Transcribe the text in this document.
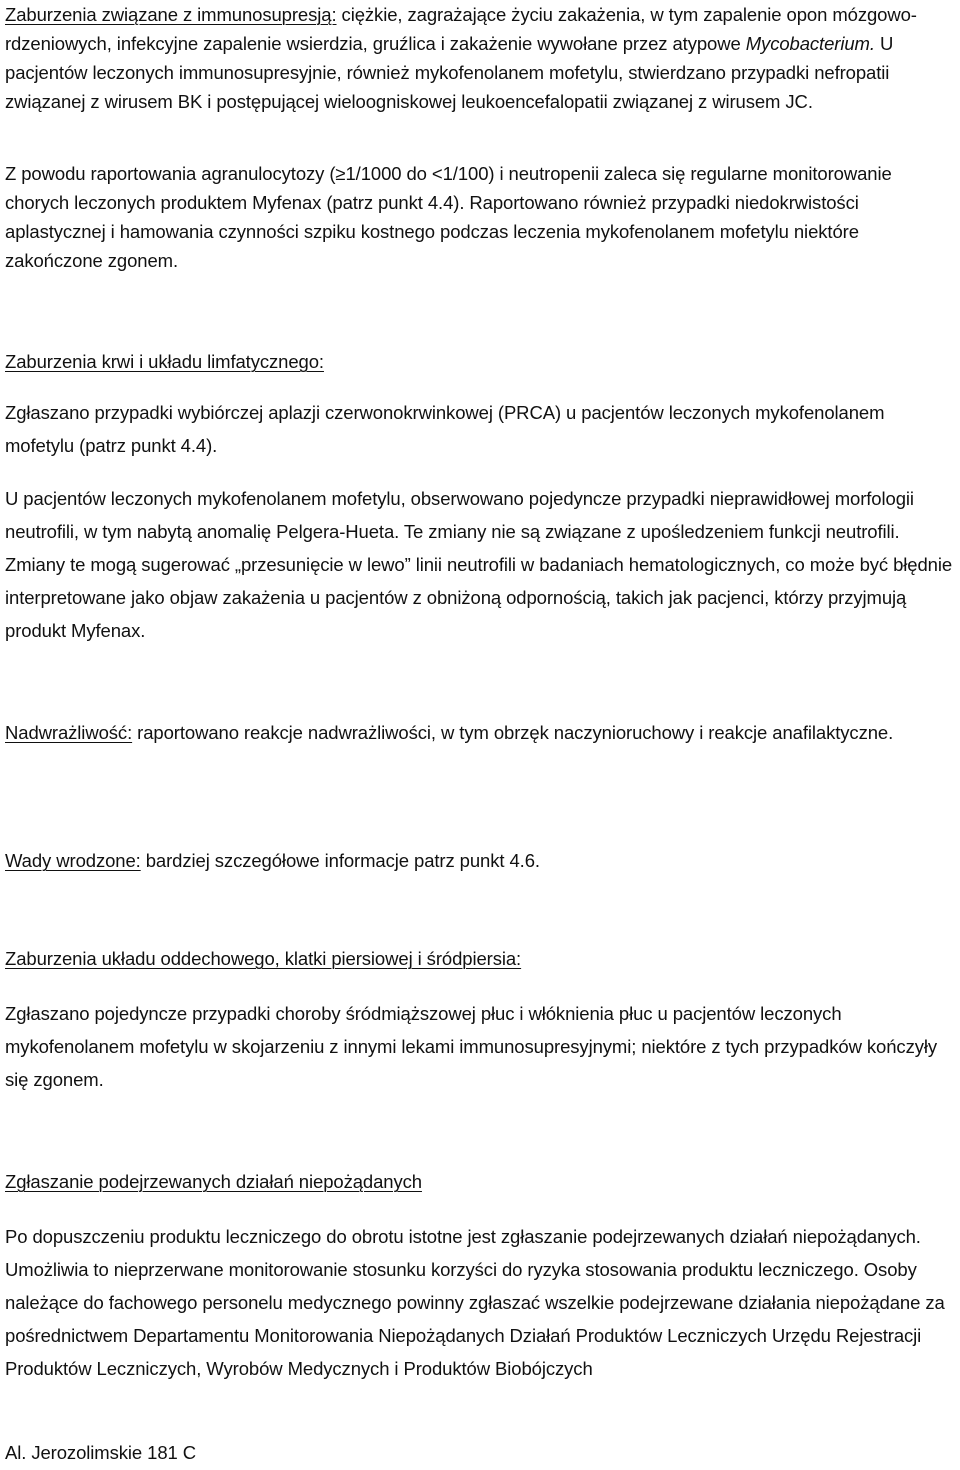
Zaburzenia związane z immunosupresją: ciężkie, zagrażające życiu zakażenia, w tym zapalenie opon mózgowo-rdzeniowych, infekcyjne zapalenie wsierdzia, gruźlica i zakażenie wywołane przez atypowe Mycobacterium. U pacjentów leczonych immunosupresyjnie, również mykofenolanem mofetylu, stwierdzano przypadki nefropatii związanej z wirusem BK i postępującej wieloogniskowej leukoencefalopatii związanej z wirusem JC.

Z powodu raportowania agranulocytozy (≥1/1000 do <1/100) i neutropenii zaleca się regularne monitorowanie chorych leczonych produktem Myfenax (patrz punkt 4.4). Raportowano również przypadki niedokrwistości aplastycznej i hamowania czynności szpiku kostnego podczas leczenia mykofenolanem mofetylu niektóre zakończone zgonem.

Zaburzenia krwi i układu limfatycznego:

Zgłaszano przypadki wybiórczej aplazji czerwonokrwinkowej (PRCA) u pacjentów leczonych mykofenolanem mofetylu (patrz punkt 4.4).

U pacjentów leczonych mykofenolanem mofetylu, obserwowano pojedyncze przypadki nieprawidłowej morfologii neutrofili, w tym nabytą anomalię Pelgera-Hueta. Te zmiany nie są związane z upośledzeniem funkcji neutrofili. Zmiany te mogą sugerować „przesunięcie w lewo” linii neutrofili w badaniach hematologicznych, co może być błędnie interpretowane jako objaw zakażenia u pacjentów z obniżoną odpornością, takich jak pacjenci, którzy przyjmują produkt Myfenax.

Nadwrażliwość: raportowano reakcje nadwrażliwości, w tym obrzęk naczynioruchowy i reakcje anafilaktyczne.

Wady wrodzone: bardziej szczegółowe informacje patrz punkt 4.6.

Zaburzenia układu oddechowego, klatki piersiowej i śródpiersia:

Zgłaszano pojedyncze przypadki choroby śródmiąższowej płuc i włóknienia płuc u pacjentów leczonych mykofenolanem mofetylu w skojarzeniu z innymi lekami immunosupresyjnymi; niektóre z tych przypadków kończyły się zgonem.

Zgłaszanie podejrzewanych działań niepożądanych

Po dopuszczeniu produktu leczniczego do obrotu istotne jest zgłaszanie podejrzewanych działań niepożądanych. Umożliwia to nieprzerwane monitorowanie stosunku korzyści do ryzyka stosowania produktu leczniczego. Osoby należące do fachowego personelu medycznego powinny zgłaszać wszelkie podejrzewane działania niepożądane za pośrednictwem Departamentu Monitorowania Niepożądanych Działań Produktów Leczniczych Urzędu Rejestracji Produktów Leczniczych, Wyrobów Medycznych i Produktów Biobójczych

Al. Jerozolimskie 181 C
